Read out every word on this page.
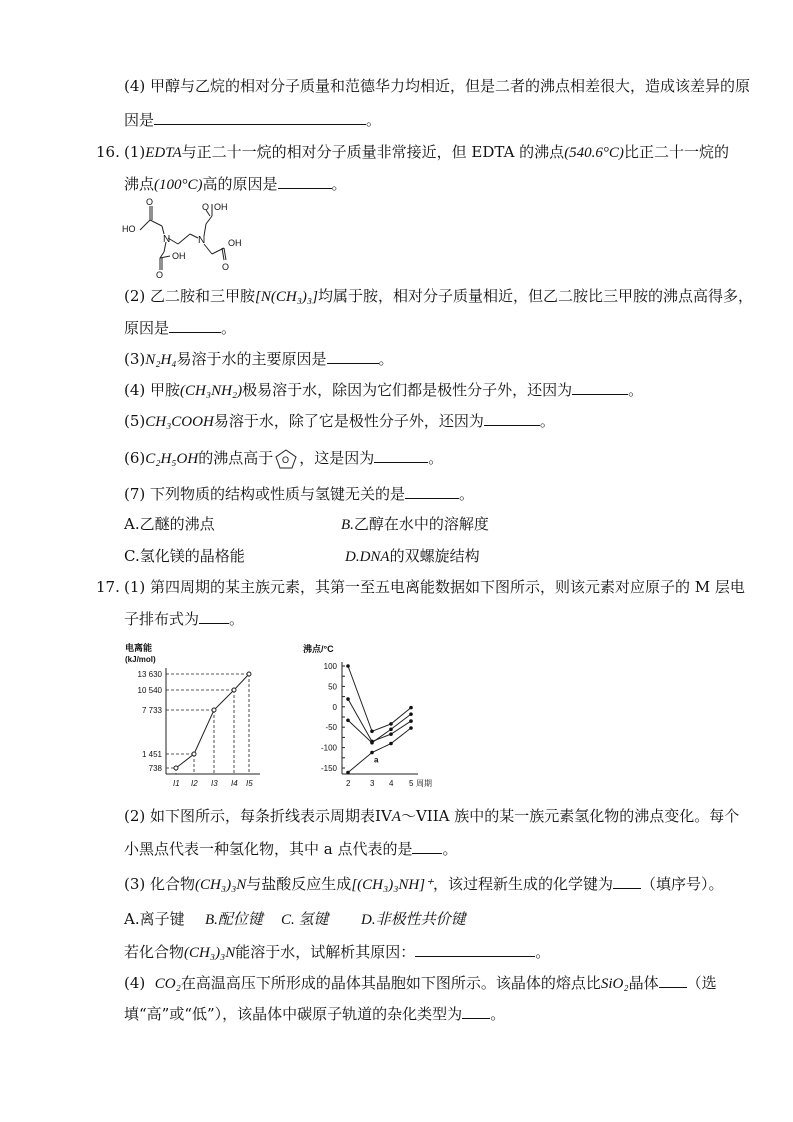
(4) 甲醇与乙烷的相对分子质量和范德华力均相近，但是二者的沸点相差很大，造成该差异的原
因是	。
16. (1)EDTA与正二十一烷的相对分子质量非常接近，但 EDTA 的沸点(540.6°C)比正二十一烷的
沸点(100°C)高的原因是	。
HO
O
N
O
OH
N
O OH
OH
O
(2) 乙二胺和三甲胺[N(CH₃)₃]均属于胺，相对分子质量相近，但乙二胺比三甲胺的沸点高得多，
原因是	。
(3)N₂H₄易溶于水的主要原因是	。
(4) 甲胺(CH₃NH₂)极易溶于水，除因为它们都是极性分子外，还因为	。
(5)CH₃COOH易溶于水，除了它是极性分子外，还因为	。
(6)C₂H₅OH的沸点高于 O ，这是因为	。
(7) 下列物质的结构或性质与氢键无关的是	。
A.乙醚的沸点	B.乙醇在水中的溶解度
C.氢化镁的晶格能	D.DNA的双螺旋结构
17. (1) 第四周期的某主族元素，其第一至五电离能数据如下图所示，则该元素对应原子的 M 层电
子排布式为 。
电离能
(kJ/mol)
738
1 451
7 733
10 540
13 630
I1 I2 I3 I4 I5
沸点/°C
100
50
0
-50
-100
-150
2 3 4 5 周期
a
(2) 如下图所示，每条折线表示周期表IVA～VIIA 族中的某一族元素氢化物的沸点变化。每个
小黑点代表一种氢化物，其中 a 点代表的是 。
(3) 化合物(CH₃)₃N与盐酸反应生成[(CH₃)₃NH]⁺，该过程新生成的化学键为 （填序号）。
A.离子键 B.配位键 C. 氢键 D.非极性共价键
若化合物(CH₃)₃N能溶于水，试解析其原因：	。
(4) CO₂在高温高压下所形成的晶体其晶胞如下图所示。该晶体的熔点比SiO₂晶体 （选
填“高”或“低”），该晶体中碳原子轨道的杂化类型为 。
